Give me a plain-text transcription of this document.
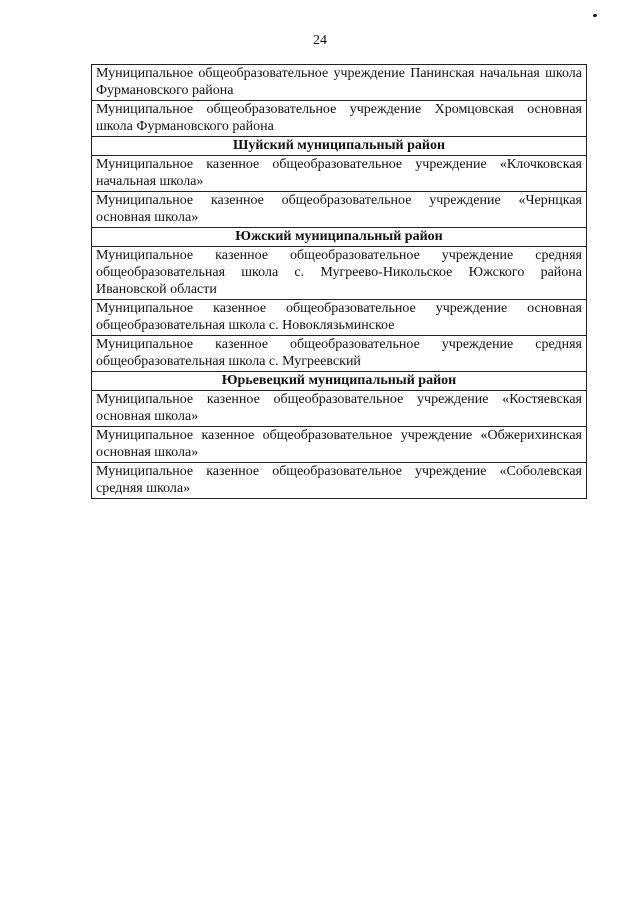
24
Муниципальное общеобразовательное учреждение Панинская начальная школа Фурмановского района
Муниципальное общеобразовательное учреждение Хромцовская основная школа Фурмановского района
Шуйский муниципальный район
Муниципальное казенное общеобразовательное учреждение «Клочковская начальная школа»
Муниципальное казенное общеобразовательное учреждение «Чернцкая основная школа»
Южский муниципальный район
Муниципальное казенное общеобразовательное учреждение средняя общеобразовательная школа с. Мугреево-Никольское Южского района Ивановской области
Муниципальное казенное общеобразовательное учреждение основная общеобразовательная школа с. Новоклязьминское
Муниципальное казенное общеобразовательное учреждение средняя общеобразовательная школа с. Мугреевский
Юрьевецкий муниципальный район
Муниципальное казенное общеобразовательное учреждение «Костяевская основная школа»
Муниципальное казенное общеобразовательное учреждение «Обжерихинская основная школа»
Муниципальное казенное общеобразовательное учреждение «Соболевская средняя школа»
